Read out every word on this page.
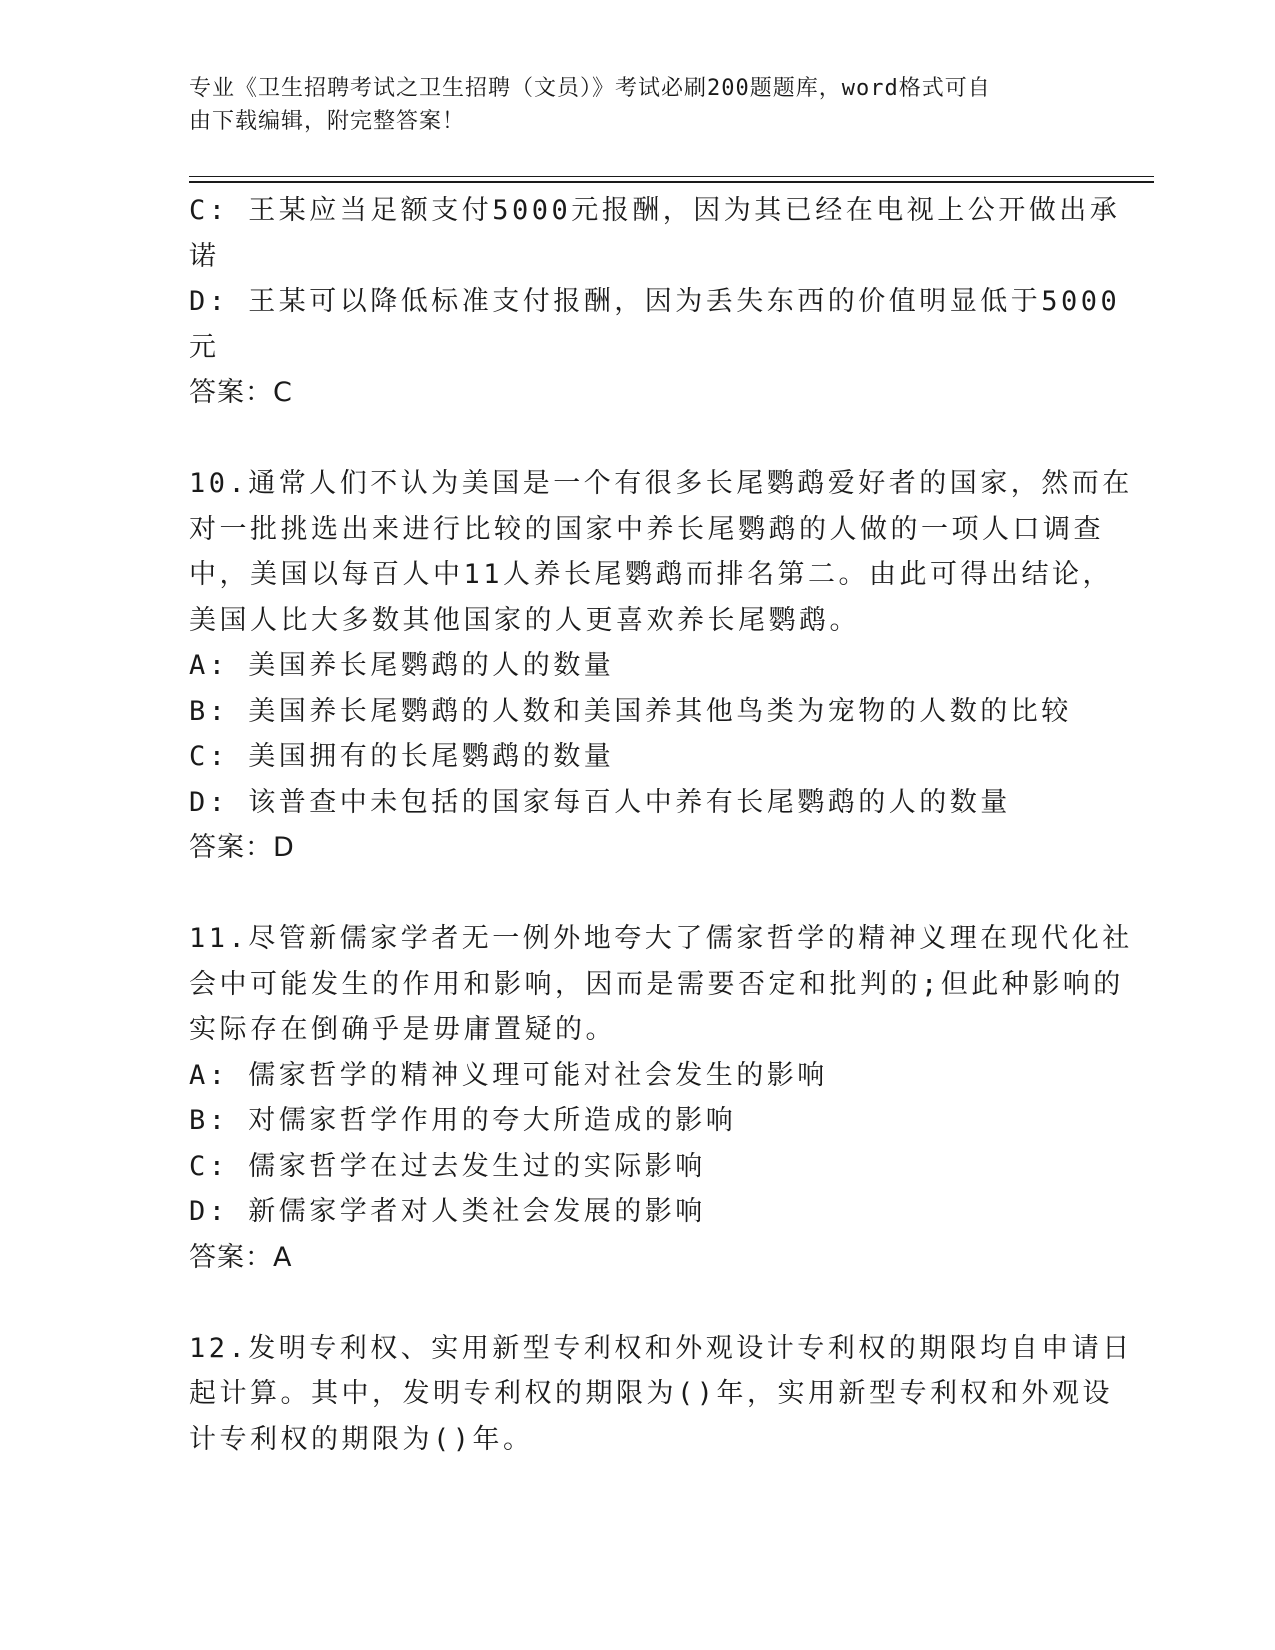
专业《卫生招聘考试之卫生招聘（文员）》考试必刷200题题库，word格式可自
由下载编辑，附完整答案！
C: 王某应当足额支付5000元报酬，因为其已经在电视上公开做出承
诺
D: 王某可以降低标准支付报酬，因为丢失东西的价值明显低于5000
元
答案：C
10.通常人们不认为美国是一个有很多长尾鹦鹉爱好者的国家，然而在
对一批挑选出来进行比较的国家中养长尾鹦鹉的人做的一项人口调查
中，美国以每百人中11人养长尾鹦鹉而排名第二。由此可得出结论，
美国人比大多数其他国家的人更喜欢养长尾鹦鹉。
A: 美国养长尾鹦鹉的人的数量
B: 美国养长尾鹦鹉的人数和美国养其他鸟类为宠物的人数的比较
C: 美国拥有的长尾鹦鹉的数量
D: 该普查中未包括的国家每百人中养有长尾鹦鹉的人的数量
答案：D
11.尽管新儒家学者无一例外地夸大了儒家哲学的精神义理在现代化社
会中可能发生的作用和影响，因而是需要否定和批判的;但此种影响的
实际存在倒确乎是毋庸置疑的。
A: 儒家哲学的精神义理可能对社会发生的影响
B: 对儒家哲学作用的夸大所造成的影响
C: 儒家哲学在过去发生过的实际影响
D: 新儒家学者对人类社会发展的影响
答案：A
12.发明专利权、实用新型专利权和外观设计专利权的期限均自申请日
起计算。其中，发明专利权的期限为()年，实用新型专利权和外观设
计专利权的期限为()年。
